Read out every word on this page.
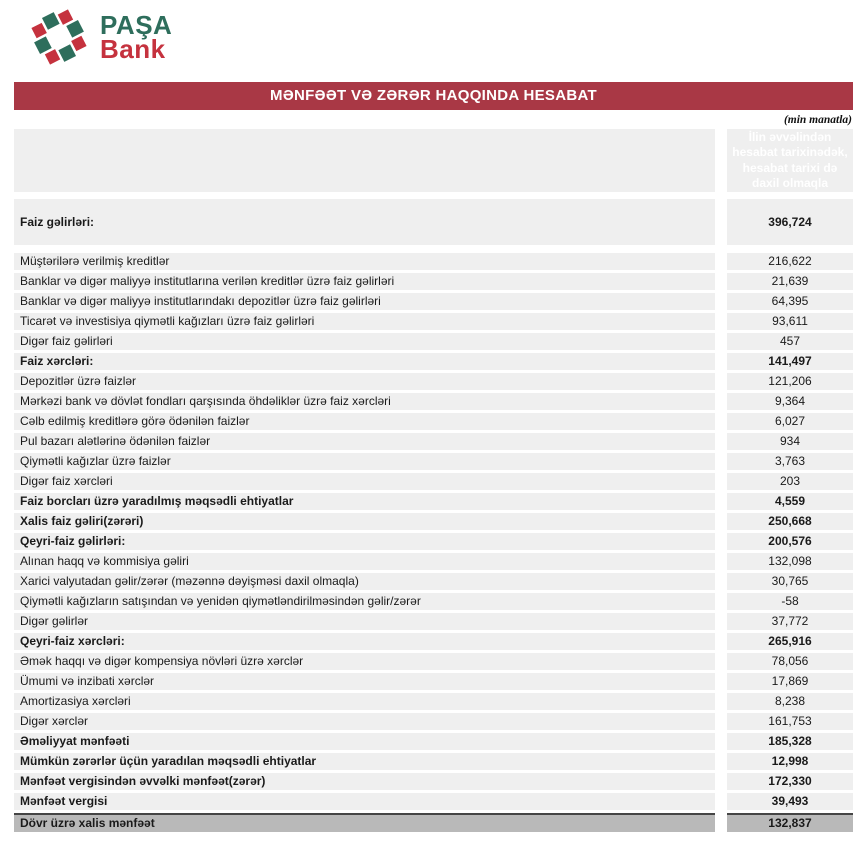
PAŞA
Bank
MƏNFƏƏT VƏ ZƏRƏR HAQQINDA HESABAT
(min manatla)
İlin əvvəlindən hesabat tarixinədək, hesabat tarixi də daxil olmaqla
Faiz gəlirləri:	396,724
Müştərilərə verilmiş kreditlər	216,622
Banklar və digər maliyyə institutlarına verilən kreditlər üzrə faiz gəlirləri	21,639
Banklar və digər maliyyə institutlarındakı depozitlər üzrə faiz gəlirləri	64,395
Ticarət və investisiya qiymətli kağızları üzrə faiz gəlirləri	93,611
Digər faiz gəlirləri	457
Faiz xərcləri:	141,497
Depozitlər üzrə faizlər	121,206
Mərkəzi bank və dövlət fondları qarşısında öhdəliklər üzrə faiz xərcləri	9,364
Cəlb edilmiş kreditlərə görə ödənilən faizlər	6,027
Pul bazarı alətlərinə ödənilən faizlər	934
Qiymətli kağızlar üzrə faizlər	3,763
Digər faiz xərcləri	203
Faiz borcları üzrə yaradılmış məqsədli ehtiyatlar	4,559
Xalis faiz gəliri(zərəri)	250,668
Qeyri-faiz gəlirləri:	200,576
Alınan haqq və kommisiya gəliri	132,098
Xarici valyutadan gəlir/zərər (məzənnə dəyişməsi daxil olmaqla)	30,765
Qiymətli kağızların satışından və yenidən qiymətləndirilməsindən gəlir/zərər	-58
Digər gəlirlər	37,772
Qeyri-faiz xərcləri:	265,916
Əmək haqqı və digər kompensiya növləri üzrə xərclər	78,056
Ümumi və inzibati xərclər	17,869
Amortizasiya xərcləri	8,238
Digər xərclər	161,753
Əməliyyat mənfəəti	185,328
Mümkün zərərlər üçün yaradılan məqsədli ehtiyatlar	12,998
Mənfəət vergisindən əvvəlki mənfəət(zərər)	172,330
Mənfəət vergisi	39,493
Dövr üzrə xalis mənfəət	132,837
